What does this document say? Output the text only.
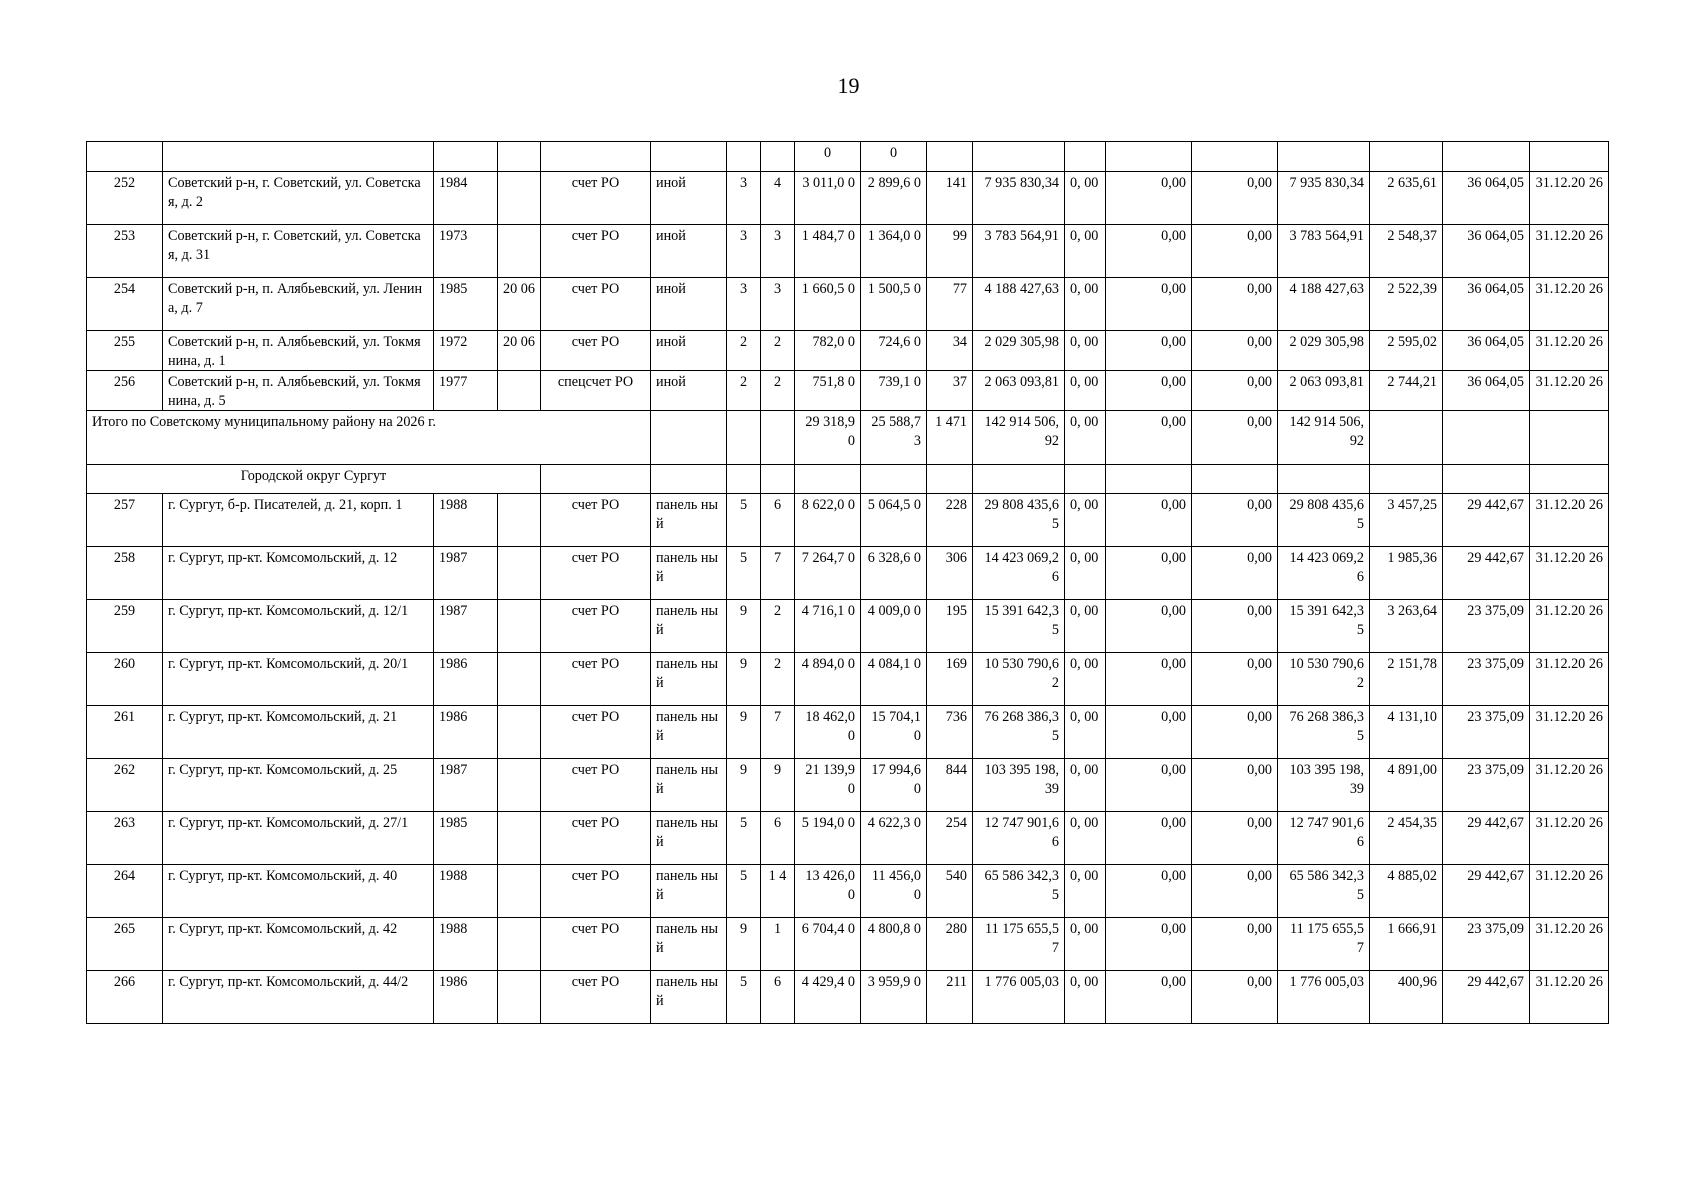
19
								0	0									
252	Советский р-н, г. Советский, ул. Советская, д. 2	1984		счет РО	иной	3	4	3 011,0 0	2 899,6 0	141	7 935 830,34	0, 00	0,00	0,00	7 935 830,34	2 635,61	36 064,05	31.12.20 26
253	Советский р-н, г. Советский, ул. Советская, д. 31	1973		счет РО	иной	3	3	1 484,7 0	1 364,0 0	99	3 783 564,91	0, 00	0,00	0,00	3 783 564,91	2 548,37	36 064,05	31.12.20 26
254	Советский р-н, п. Алябьевский, ул. Ленина, д. 7	1985	20 06	счет РО	иной	3	3	1 660,5 0	1 500,5 0	77	4 188 427,63	0, 00	0,00	0,00	4 188 427,63	2 522,39	36 064,05	31.12.20 26
255	Советский р-н, п. Алябьевский, ул. Токмянина, д. 1	1972	20 06	счет РО	иной	2	2	782,0 0	724,6 0	34	2 029 305,98	0, 00	0,00	0,00	2 029 305,98	2 595,02	36 064,05	31.12.20 26
256	Советский р-н, п. Алябьевский, ул. Токмянина, д. 5	1977		спецсчет РО	иной	2	2	751,8 0	739,1 0	37	2 063 093,81	0, 00	0,00	0,00	2 063 093,81	2 744,21	36 064,05	31.12.20 26
Итого по Советскому муниципальному району на 2026 г.								29 318,9 0	25 588,7 3	1 471	142 914 506,92	0, 00	0,00	0,00	142 914 506,92			
Городской округ Сургут																		
257	г. Сургут, б-р. Писателей, д. 21, корп. 1	1988		счет РО	панель ный	5	6	8 622,0 0	5 064,5 0	228	29 808 435,65	0, 00	0,00	0,00	29 808 435,65	3 457,25	29 442,67	31.12.20 26
258	г. Сургут, пр-кт. Комсомольский, д. 12	1987		счет РО	панель ный	5	7	7 264,7 0	6 328,6 0	306	14 423 069,26	0, 00	0,00	0,00	14 423 069,26	1 985,36	29 442,67	31.12.20 26
259	г. Сургут, пр-кт. Комсомольский, д. 12/1	1987		счет РО	панель ный	9	2	4 716,1 0	4 009,0 0	195	15 391 642,35	0, 00	0,00	0,00	15 391 642,35	3 263,64	23 375,09	31.12.20 26
260	г. Сургут, пр-кт. Комсомольский, д. 20/1	1986		счет РО	панель ный	9	2	4 894,0 0	4 084,1 0	169	10 530 790,62	0, 00	0,00	0,00	10 530 790,62	2 151,78	23 375,09	31.12.20 26
261	г. Сургут, пр-кт. Комсомольский, д. 21	1986		счет РО	панель ный	9	7	18 462,0 0	15 704,1 0	736	76 268 386,35	0, 00	0,00	0,00	76 268 386,35	4 131,10	23 375,09	31.12.20 26
262	г. Сургут, пр-кт. Комсомольский, д. 25	1987		счет РО	панель ный	9	9	21 139,9 0	17 994,6 0	844	103 395 198,39	0, 00	0,00	0,00	103 395 198,39	4 891,00	23 375,09	31.12.20 26
263	г. Сургут, пр-кт. Комсомольский, д. 27/1	1985		счет РО	панель ный	5	6	5 194,0 0	4 622,3 0	254	12 747 901,66	0, 00	0,00	0,00	12 747 901,66	2 454,35	29 442,67	31.12.20 26
264	г. Сургут, пр-кт. Комсомольский, д. 40	1988		счет РО	панель ный	5	1 4	13 426,0 0	11 456,0 0	540	65 586 342,35	0, 00	0,00	0,00	65 586 342,35	4 885,02	29 442,67	31.12.20 26
265	г. Сургут, пр-кт. Комсомольский, д. 42	1988		счет РО	панель ный	9	1	6 704,4 0	4 800,8 0	280	11 175 655,57	0, 00	0,00	0,00	11 175 655,57	1 666,91	23 375,09	31.12.20 26
266	г. Сургут, пр-кт. Комсомольский, д. 44/2	1986		счет РО	панель ный	5	6	4 429,4 0	3 959,9 0	211	1 776 005,03	0, 00	0,00	0,00	1 776 005,03	400,96	29 442,67	31.12.20 26
